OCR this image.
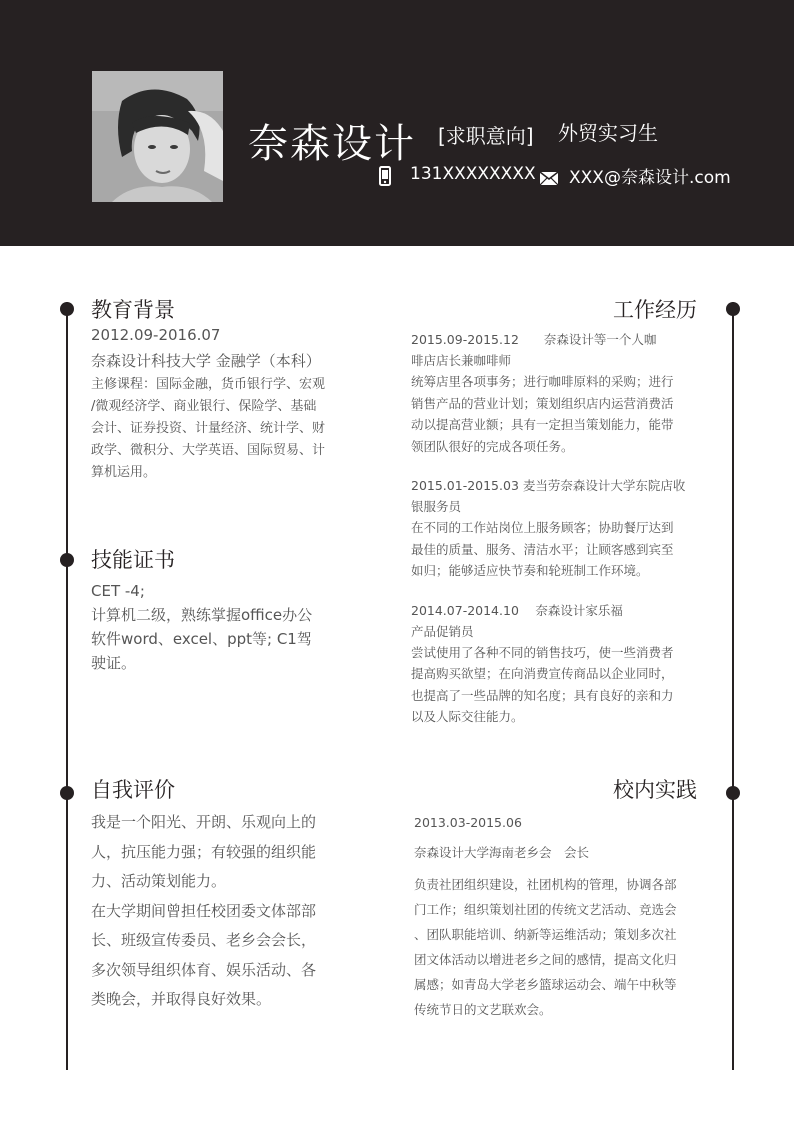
奈森设计 [求职意向] 外贸实习生
131XXXXXXXX XXX@奈森设计.com
教育背景
2012.09-2016.07
奈森设计科技大学 金融学（本科）
主修课程：国际金融，货币银行学、宏观
/微观经济学、商业银行、保险学、基础
会计、证券投资、计量经济、统计学、财
政学、微积分、大学英语、国际贸易、计
算机运用。
技能证书
CET -4;
计算机二级，熟练掌握office办公
软件word、excel、ppt等; C1驾
驶证。
自我评价
我是一个阳光、开朗、乐观向上的
人，抗压能力强；有较强的组织能
力、活动策划能力。
在大学期间曾担任校团委文体部部
长、班级宣传委员、老乡会会长，
多次领导组织体育、娱乐活动、各
类晚会，并取得良好效果。
工作经历
2015.09-2015.12　　奈森设计等一个人咖
啡店店长兼咖啡师
统筹店里各项事务；进行咖啡原料的采购；进行
销售产品的营业计划；策划组织店内运营消费活
动以提高营业额；具有一定担当策划能力，能带
领团队很好的完成各项任务。
2015.01-2015.03 麦当劳奈森设计大学东院店收
银服务员
在不同的工作站岗位上服务顾客；协助餐厅达到
最佳的质量、服务、清洁水平；让顾客感到宾至
如归；能够适应快节奏和轮班制工作环境。
2014.07-2014.10　 奈森设计家乐福
产品促销员
尝试使用了各种不同的销售技巧，使一些消费者
提高购买欲望；在向消费宣传商品以企业同时，
也提高了一些品牌的知名度；具有良好的亲和力
以及人际交往能力。
校内实践
2013.03-2015.06
奈森设计大学海南老乡会　会长
负责社团组织建设，社团机构的管理，协调各部
门工作；组织策划社团的传统文艺活动、竞选会
、团队职能培训、纳新等运维活动；策划多次社
团文体活动以增进老乡之间的感情，提高文化归
属感；如青岛大学老乡篮球运动会、端午中秋等
传统节日的文艺联欢会。
